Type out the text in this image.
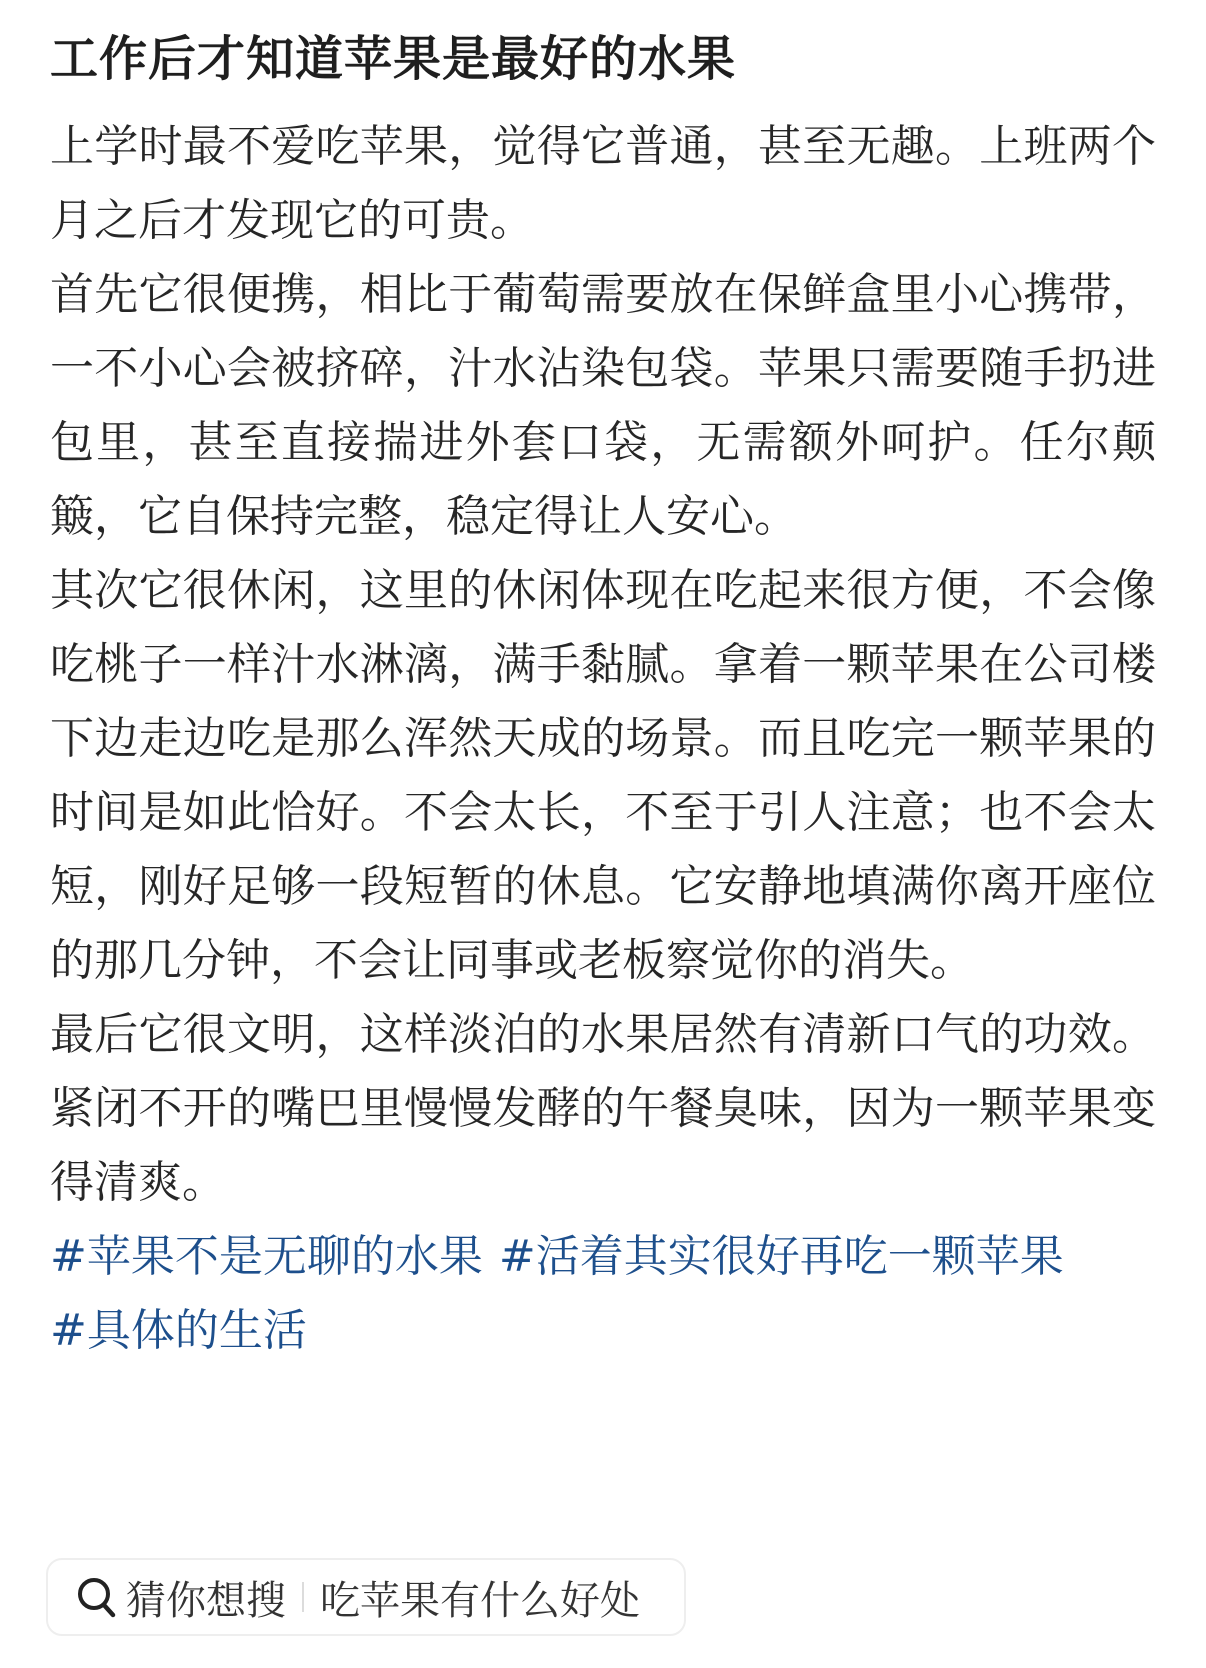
工作后才知道苹果是最好的水果

上学时最不爱吃苹果，觉得它普通，甚至无趣。上班两个月之后才发现它的可贵。

首先它很便携，相比于葡萄需要放在保鲜盒里小心携带，一不小心会被挤碎，汁水沾染包袋。苹果只需要随手扔进包里，甚至直接揣进外套口袋，无需额外呵护。任尔颠簸，它自保持完整，稳定得让人安心。

其次它很休闲，这里的休闲体现在吃起来很方便，不会像吃桃子一样汁水淋漓，满手黏腻。拿着一颗苹果在公司楼下边走边吃是那么浑然天成的场景。而且吃完一颗苹果的时间是如此恰好。不会太长，不至于引人注意；也不会太短，刚好足够一段短暂的休息。它安静地填满你离开座位的那几分钟，不会让同事或老板察觉你的消失。

最后它很文明，这样淡泊的水果居然有清新口气的功效。紧闭不开的嘴巴里慢慢发酵的午餐臭味，因为一颗苹果变得清爽。

#苹果不是无聊的水果 #活着其实很好再吃一颗苹果
#具体的生活
猜你想搜 吃苹果有什么好处
